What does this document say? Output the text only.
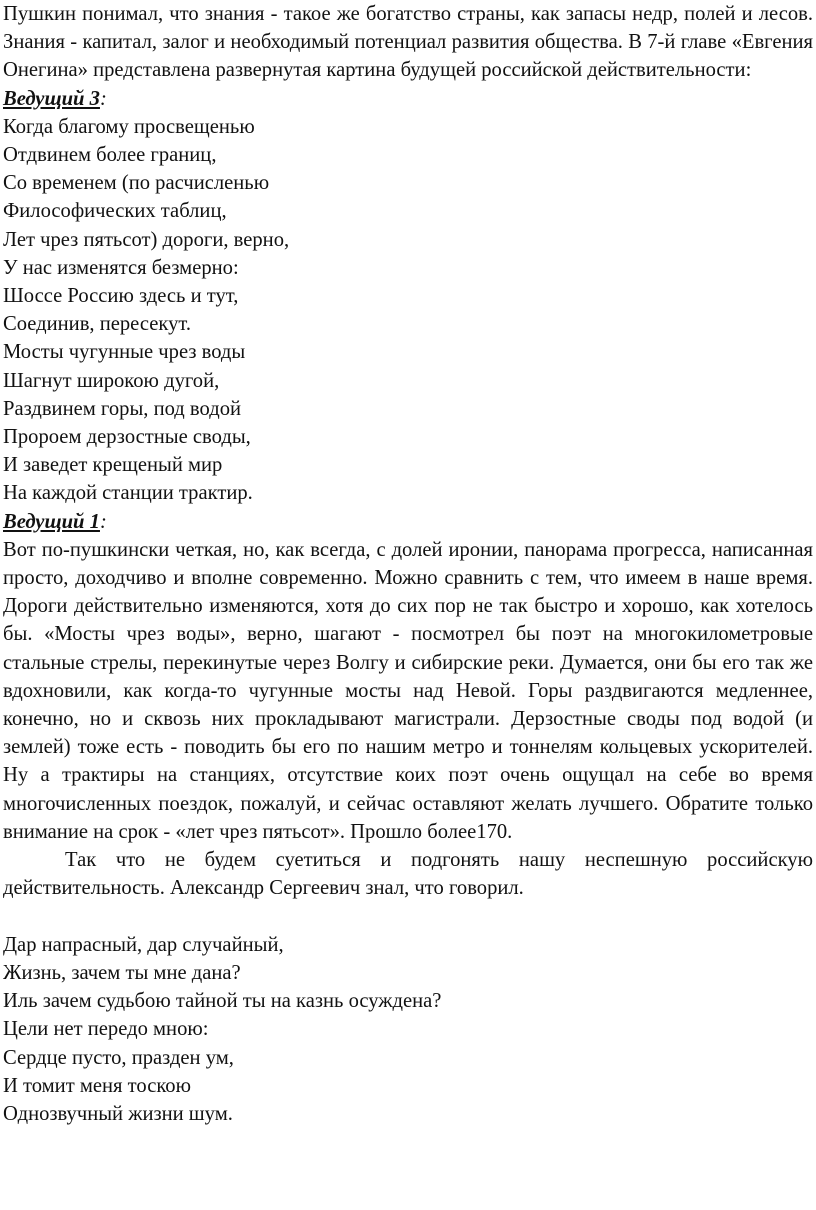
Пушкин понимал, что знания - такое же богатство страны, как запасы недр, полей и лесов. Знания - капитал, залог и необходимый потенциал развития общества. В 7-й главе «Евгения Онегина» представлена развернутая картина будущей российской действительности:

Ведущий 3:

Когда благому просвещенью

Отдвинем более границ,

Со временем (по расчисленью

Философических таблиц,

Лет чрез пятьсот) дороги, верно,

У нас изменятся безмерно:

Шоссе Россию здесь и тут,

Соединив, пересекут.

Мосты чугунные чрез воды

Шагнут широкою дугой,

Раздвинем горы, под водой

Пророем дерзостные своды,

И заведет крещеный мир

На каждой станции трактир.

Ведущий 1:

Вот по-пушкински четкая, но, как всегда, с долей иронии, панорама прогресса, написанная просто, доходчиво и вполне современно. Можно сравнить с тем, что имеем в наше время. Дороги действительно изменяются, хотя до сих пор не так быстро и хорошо, как хотелось бы. «Мосты чрез воды», верно, шагают - посмотрел бы поэт на многокилометровые стальные стрелы, перекинутые через Волгу и сибирские реки. Думается, они бы его так же вдохновили, как когда-то чугунные мосты над Невой. Горы раздвигаются медленнее, конечно, но и сквозь них прокладывают магистрали. Дерзостные своды под водой (и землей) тоже есть - поводить бы его по нашим метро и тоннелям кольцевых ускорителей. Ну а трактиры на станциях, отсутствие коих поэт очень ощущал на себе во время многочисленных поездок, пожалуй, и сейчас оставляют желать лучшего. Обратите только внимание на срок - «лет чрез пятьсот». Прошло более170.

Так что не будем суетиться и подгонять нашу неспешную российскую действительность. Александр Сергеевич знал, что говорил.

Дар напрасный, дар случайный,

Жизнь, зачем ты мне дана?

Иль зачем судьбою тайной ты на казнь осуждена?

Цели нет передо мною:

Сердце пусто, празден ум,

И томит меня тоскою

Однозвучный жизни шум.
